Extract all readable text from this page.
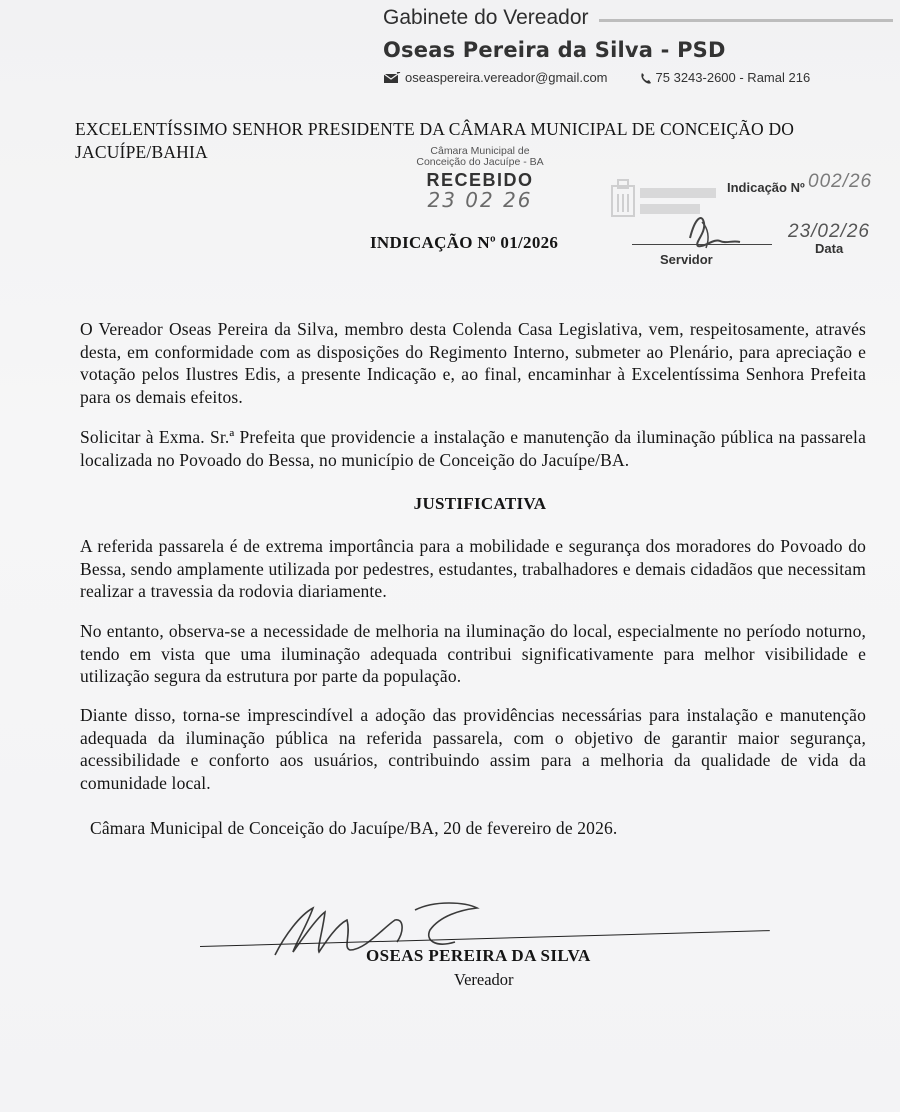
Gabinete do Vereador
Oseas Pereira da Silva - PSD
oseaspereira.vereador@gmail.com	75 3243-2600 - Ramal 216
EXCELENTÍSSIMO SENHOR PRESIDENTE DA CÂMARA MUNICIPAL DE CONCEIÇÃO DO JACUÍPE/BAHIA	Câmara Municipal de
Conceição do Jacuípe - BA
RECEBIDO
23 02 26
INDICAÇÃO Nº 01/2026
Indicação Nº 002/26
Servidor
23/02/26
Data
O Vereador Oseas Pereira da Silva, membro desta Colenda Casa Legislativa, vem, respeitosamente, através desta, em conformidade com as disposições do Regimento Interno, submeter ao Plenário, para apreciação e votação pelos Ilustres Edis, a presente Indicação e, ao final, encaminhar à Excelentíssima Senhora Prefeita para os demais efeitos.
Solicitar à Exma. Sr.ª Prefeita que providencie a instalação e manutenção da iluminação pública na passarela localizada no Povoado do Bessa, no município de Conceição do Jacuípe/BA.
JUSTIFICATIVA
A referida passarela é de extrema importância para a mobilidade e segurança dos moradores do Povoado do Bessa, sendo amplamente utilizada por pedestres, estudantes, trabalhadores e demais cidadãos que necessitam realizar a travessia da rodovia diariamente.
No entanto, observa-se a necessidade de melhoria na iluminação do local, especialmente no período noturno, tendo em vista que uma iluminação adequada contribui significativamente para melhor visibilidade e utilização segura da estrutura por parte da população.
Diante disso, torna-se imprescindível a adoção das providências necessárias para instalação e manutenção adequada da iluminação pública na referida passarela, com o objetivo de garantir maior segurança, acessibilidade e conforto aos usuários, contribuindo assim para a melhoria da qualidade de vida da comunidade local.
Câmara Municipal de Conceição do Jacuípe/BA, 20 de fevereiro de 2026.
OSEAS PEREIRA DA SILVA
Vereador
